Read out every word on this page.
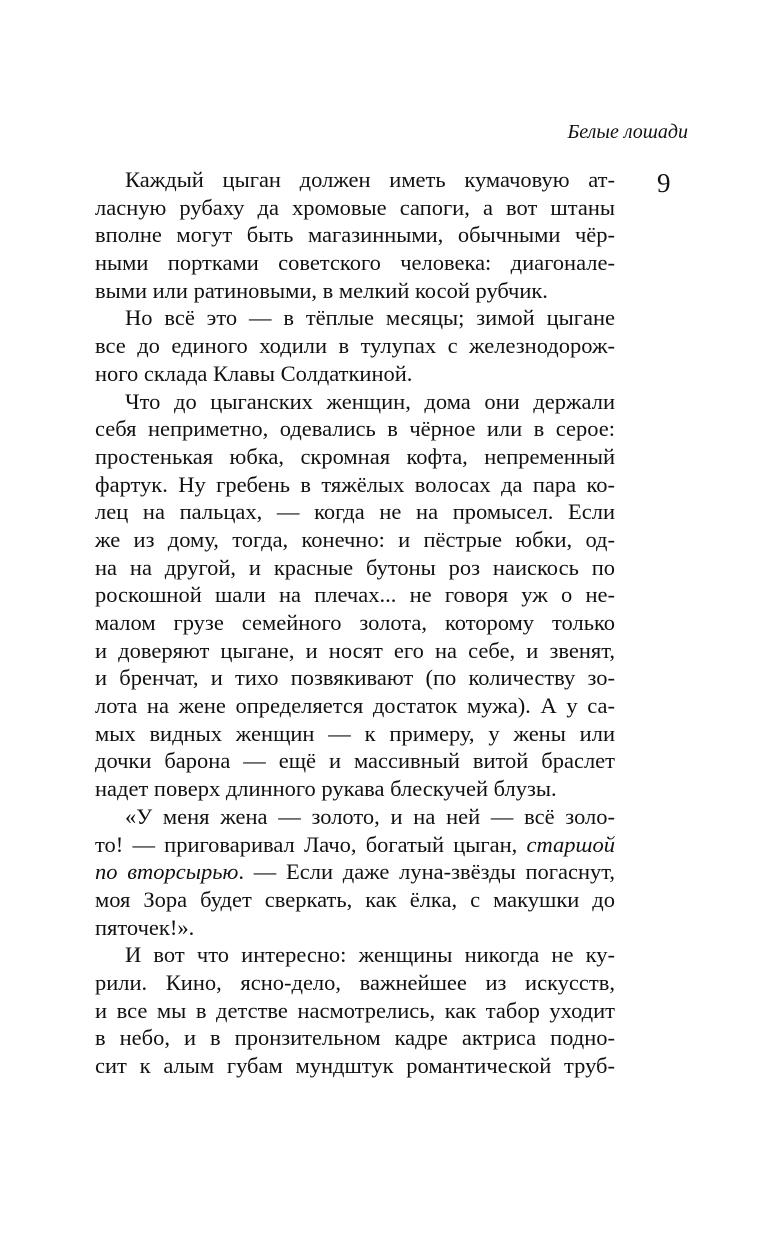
Белые лошади
9
Каждый цыган должен иметь кумачовую ат-
ласную рубаху да хромовые сапоги, а вот штаны
вполне могут быть магазинными, обычными чёр-
ными портками советского человека: диагонале-
выми или ратиновыми, в мелкий косой рубчик.
Но всё это — в тёплые месяцы; зимой цыгане
все до единого ходили в тулупах с железнодорож-
ного склада Клавы Солдаткиной.
Что до цыганских женщин, дома они держали
себя неприметно, одевались в чёрное или в серое:
простенькая юбка, скромная кофта, непременный
фартук. Ну гребень в тяжёлых волосах да пара ко-
лец на пальцах, — когда не на промысел. Если
же из дому, тогда, конечно: и пёстрые юбки, од-
на на другой, и красные бутоны роз наискось по
роскошной шали на плечах... не говоря уж о не-
малом грузе семейного золота, которому только
и доверяют цыгане, и носят его на себе, и звенят,
и бренчат, и тихо позвякивают (по количеству зо-
лота на жене определяется достаток мужа). А у са-
мых видных женщин — к примеру, у жены или
дочки барона — ещё и массивный витой браслет
надет поверх длинного рукава блескучей блузы.
«У меня жена — золото, и на ней — всё золо-
то! — приговаривал Лачо, богатый цыган, старшой
по вторсырью. — Если даже луна-звёзды погаснут,
моя Зора будет сверкать, как ёлка, с макушки до
пяточек!».
И вот что интересно: женщины никогда не ку-
рили. Кино, ясно-дело, важнейшее из искусств,
и все мы в детстве насмотрелись, как табор уходит
в небо, и в пронзительном кадре актриса подно-
сит к алым губам мундштук романтической труб-
